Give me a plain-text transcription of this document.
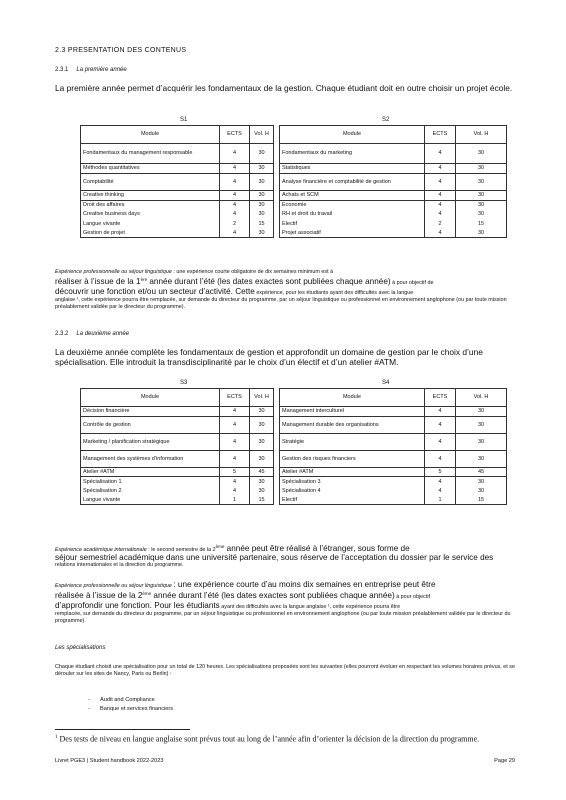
2.3 PRESENTATION DES CONTENUS
2.3.1 La première année
La première année permet d’acquérir les fondamentaux de la gestion. Chaque étudiant doit en outre choisir un projet école.
S1	S2
Module	ECTS	Vol. H		Module	ECTS	Vol. H
Fondamentaux du management responsable	4	30		Fondamentaux du marketing	4	30
Méthodes quantitatives	4	30		Statistiques	4	30
Comptabilité	4	30		Analyse financière et comptabilité de gestion	4	30
Creative thinking	4	30		Achats et SCM	4	30
Droit des affaires	4	30		Economie	4	30
Creative business days	4	30		RH et droit du travail	4	30
Langue vivante	2	15		Electif	2	15
Gestion de projet	4	30		Projet associatif	4	30
Expérience professionnelle ou séjour linguistique : une expérience courte obligatoire de dix semaines minimum est à
réaliser à l’issue de la 1ère année durant l’été (les dates exactes sont publiées chaque année) à pour objectif de
découvrir une fonction et/ou un secteur d’activité. Cette expérience, pour les étudiants ayant des difficultés avec la langue
anglaise ¹, cette expérience pourra être remplacée, sur demande du directeur du programme, par un séjour linguistique ou professionnel en environnement anglophone (ou par toute mission préalablement validée par le directeur du programme).
2.3.2 La deuxième année
La deuxième année complète les fondamentaux de gestion et approfondit un domaine de gestion par le choix d’une spécialisation. Elle introduit la transdisciplinarité par le choix d’un électif et d’un atelier #ATM.
S3	S4
Module	ECTS	Vol. H		Module	ECTS	Vol. H
Décision financière	4	30		Management interculturel	4	30
Contrôle de gestion	4	30		Management durable des organisations	4	30
Marketing / planification stratégique	4	30		Stratégie	4	30
Management des systèmes d’information	4	30		Gestion des risques financiers	4	30
Atelier #ATM	5	45		Atelier #ATM	5	45
Spécialisation 1	4	30		Spécialisation 3	4	30
Spécialisation 2	4	30		Spécialisation 4	4	30
Langue vivante	1	15		Electif	1	15
Expérience académique internationale : le second semestre de la 2ème année peut être réalisé à l’étranger, sous forme de
séjour semestriel académique dans une université partenaire, sous réserve de l’acceptation du dossier par le service des
relations internationales et la direction du programme.
Expérience professionnelle ou séjour linguistique : une expérience courte d’au moins dix semaines en entreprise peut être
réalisée à l’issue de la 2ème année durant l’été (les dates exactes sont publiées chaque année) à pour objectif
d’approfondir une fonction. Pour les étudiants ayant des difficultés avec la langue anglaise ¹, cette expérience pourra être
remplacée, sur demande du directeur du programme, par un séjour linguistique ou professionnel en environnement anglophone (ou par toute mission préalablement validée par le directeur du programme).
Les spécialisations
Chaque étudiant choisit une spécialisation pour un total de 120 heures. Les spécialisations proposées sont les suivantes (elles pourront évoluer en respectant les volumes horaires prévus, et se dérouler sur les sites de Nancy, Paris ou Berlin) :
- Audit and Compliance
- Banque et services financiers
$^1$ Des tests de niveau en langue anglaise sont prévus tout au long de l’année afin d’orienter la décision de la direction du programme.
Livret PGE3 | Student handbook 2022-2023	Page 29
